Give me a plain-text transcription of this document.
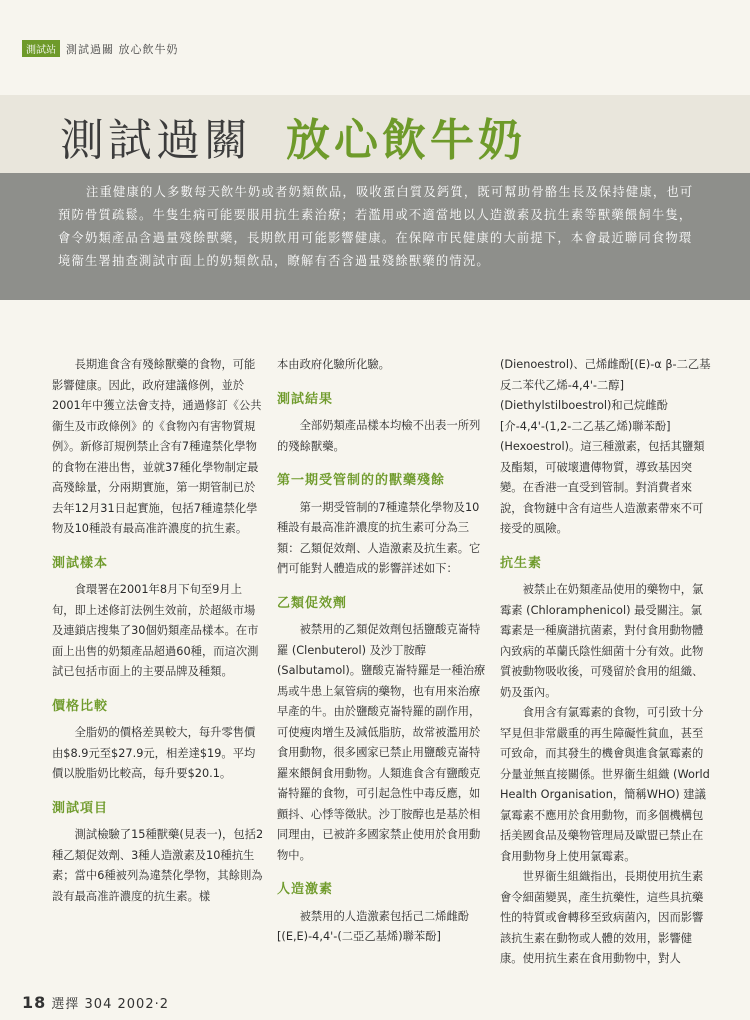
測試站 測試過關 放心飲牛奶
測試過關 放心飲牛奶

注重健康的人多數每天飲牛奶或者奶類飲品，吸收蛋白質及鈣質，既可幫助骨骼生長及保持健康，也可預防骨質疏鬆。牛隻生病可能要服用抗生素治療；若濫用或不適當地以人造激素及抗生素等獸藥餵飼牛隻，會令奶類產品含過量殘餘獸藥，長期飲用可能影響健康。在保障市民健康的大前提下，本會最近聯同食物環境衞生署抽查測試市面上的奶類飲品，瞭解有否含過量殘餘獸藥的情況。

長期進食含有殘餘獸藥的食物，可能影響健康。因此，政府建議修例，並於2001年中獲立法會支持，通過修訂《公共衞生及市政條例》的《食物內有害物質規例》。新修訂規例禁止含有7種違禁化學物的食物在港出售，並就37種化學物制定最高殘餘量，分兩期實施，第一期管制已於去年12月31日起實施，包括7種違禁化學物及10種設有最高准許濃度的抗生素。

測試樣本

食環署在2001年8月下旬至9月上旬，即上述修訂法例生效前，於超級市場及連鎖店搜集了30個奶類產品樣本。在市面上出售的奶類產品超過60種，而這次測試已包括市面上的主要品牌及種類。

價格比較

全脂奶的價格差異較大，每升零售價由$8.9元至$27.9元，相差達$19。平均價以脫脂奶比較高，每升要$20.1。

測試項目

測試檢驗了15種獸藥(見表一)，包括2種乙類促效劑、3種人造激素及10種抗生素；當中6種被列為違禁化學物，其餘則為設有最高准許濃度的抗生素。樣

本由政府化驗所化驗。

測試結果

全部奶類產品樣本均檢不出表一所列的殘餘獸藥。

第一期受管制的的獸藥殘餘

第一期受管制的7種違禁化學物及10種設有最高准許濃度的抗生素可分為三類：乙類促效劑、人造激素及抗生素。它們可能對人體造成的影響詳述如下：

乙類促效劑

被禁用的乙類促效劑包括鹽酸克崙特羅 (Clenbuterol) 及沙丁胺醇 (Salbutamol)。鹽酸克崙特羅是一種治療馬或牛患上氣管病的藥物，也有用來治療早產的牛。由於鹽酸克崙特羅的副作用，可使瘦肉增生及減低脂肪，故常被濫用於食用動物，很多國家已禁止用鹽酸克崙特羅來餵飼食用動物。人類進食含有鹽酸克崙特羅的食物，可引起急性中毒反應，如顫抖、心悸等徵狀。沙丁胺醇也是基於相同理由，已被許多國家禁止使用於食用動物中。

人造激素

被禁用的人造激素包括己二烯雌酚 [(E,E)-4,4'-(二亞乙基烯)聯苯酚]

(Dienoestrol)、己烯雌酚[(E)-α β-二乙基反二苯代乙烯-4,4'-二醇] (Diethylstilboestrol)和己烷雌酚[介-4,4'-(1,2-二乙基乙烯)聯苯酚] (Hexoestrol)。這三種激素，包括其鹽類及酯類，可破壞遺傳物質，導致基因突變。在香港一直受到管制。對消費者來說，食物鏈中含有這些人造激素帶來不可接受的風險。

抗生素

被禁止在奶類產品使用的藥物中，氯霉素 (Chloramphenicol) 最受關注。氯霉素是一種廣譜抗菌素，對付食用動物體內致病的革蘭氏陰性細菌十分有效。此物質被動物吸收後，可殘留於食用的組織、奶及蛋內。

食用含有氯霉素的食物，可引致十分罕見但非常嚴重的再生障礙性貧血，甚至可致命，而其發生的機會與進食氯霉素的分量並無直接關係。世界衞生組織 (World Health Organisation，簡稱WHO) 建議氯霉素不應用於食用動物，而多個機構包括美國食品及藥物管理局及歐盟已禁止在食用動物身上使用氯霉素。

世界衞生組織指出，長期使用抗生素會令細菌變異，產生抗藥性，這些具抗藥性的特質或會轉移至致病菌內，因而影響該抗生素在動物或人體的效用，影響健康。使用抗生素在食用動物中，對人

18 選擇 304 2002·2
